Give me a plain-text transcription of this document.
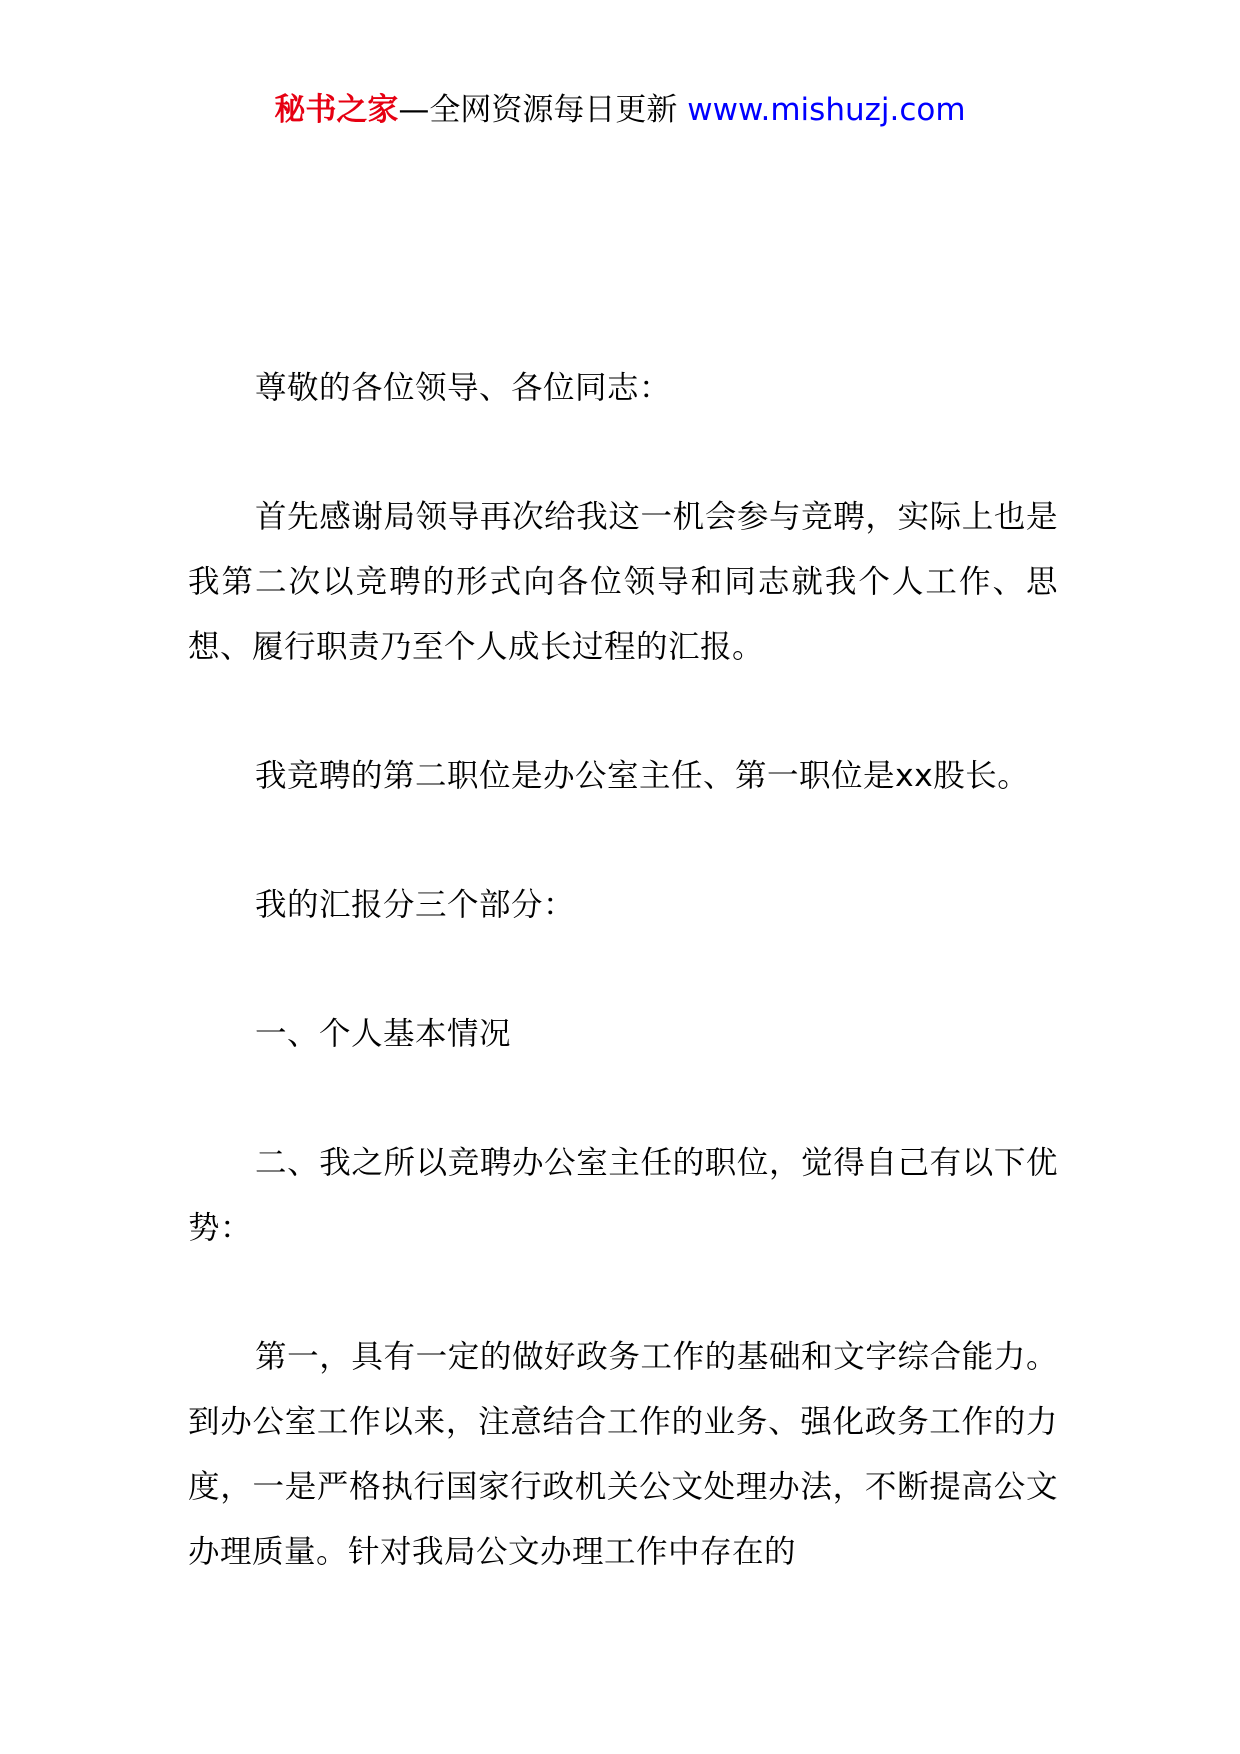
秘书之家—全网资源每日更新 www.mishuzj.com

尊敬的各位领导、各位同志：

首先感谢局领导再次给我这一机会参与竞聘，实际上也是我第二次以竞聘的形式向各位领导和同志就我个人工作、思想、履行职责乃至个人成长过程的汇报。

我竞聘的第二职位是办公室主任、第一职位是xx股长。

我的汇报分三个部分：

一、个人基本情况

二、我之所以竞聘办公室主任的职位，觉得自己有以下优势：

第一，具有一定的做好政务工作的基础和文字综合能力。到办公室工作以来，注意结合工作的业务、强化政务工作的力度，一是严格执行国家行政机关公文处理办法，不断提高公文办理质量。针对我局公文办理工作中存在的
